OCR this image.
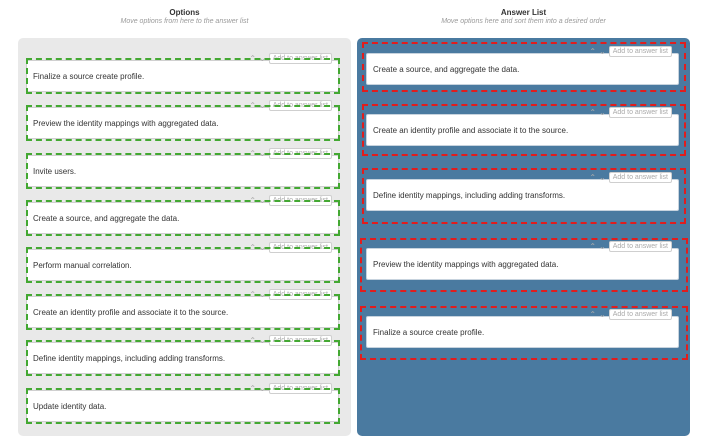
Options
Move options from here to the answer list
Answer List
Move options here and sort them into a desired order
⌃ ⌄	Add to answer list
Finalize a source create profile.
⌃ ⌄	Add to answer list
Preview the identity mappings with aggregated data.
⌃ ⌄	Add to answer list
Invite users.
⌃ ⌄	Add to answer list
Create a source, and aggregate the data.
⌃ ⌄	Add to answer list
Perform manual correlation.
⌃ ⌄	Add to answer list
Create an identity profile and associate it to the source.
⌃ ⌄	Add to answer list
Define identity mappings, including adding transforms.
⌃ ⌄	Add to answer list
Update identity data.
⌃ ⌄	Add to answer list
Create a source, and aggregate the data.
⌃ ⌄	Add to answer list
Create an identity profile and associate it to the source.
⌃ ⌄	Add to answer list
Define identity mappings, including adding transforms.
⌃ ⌄	Add to answer list
Preview the identity mappings with aggregated data.
⌃ ⌄	Add to answer list
Finalize a source create profile.
